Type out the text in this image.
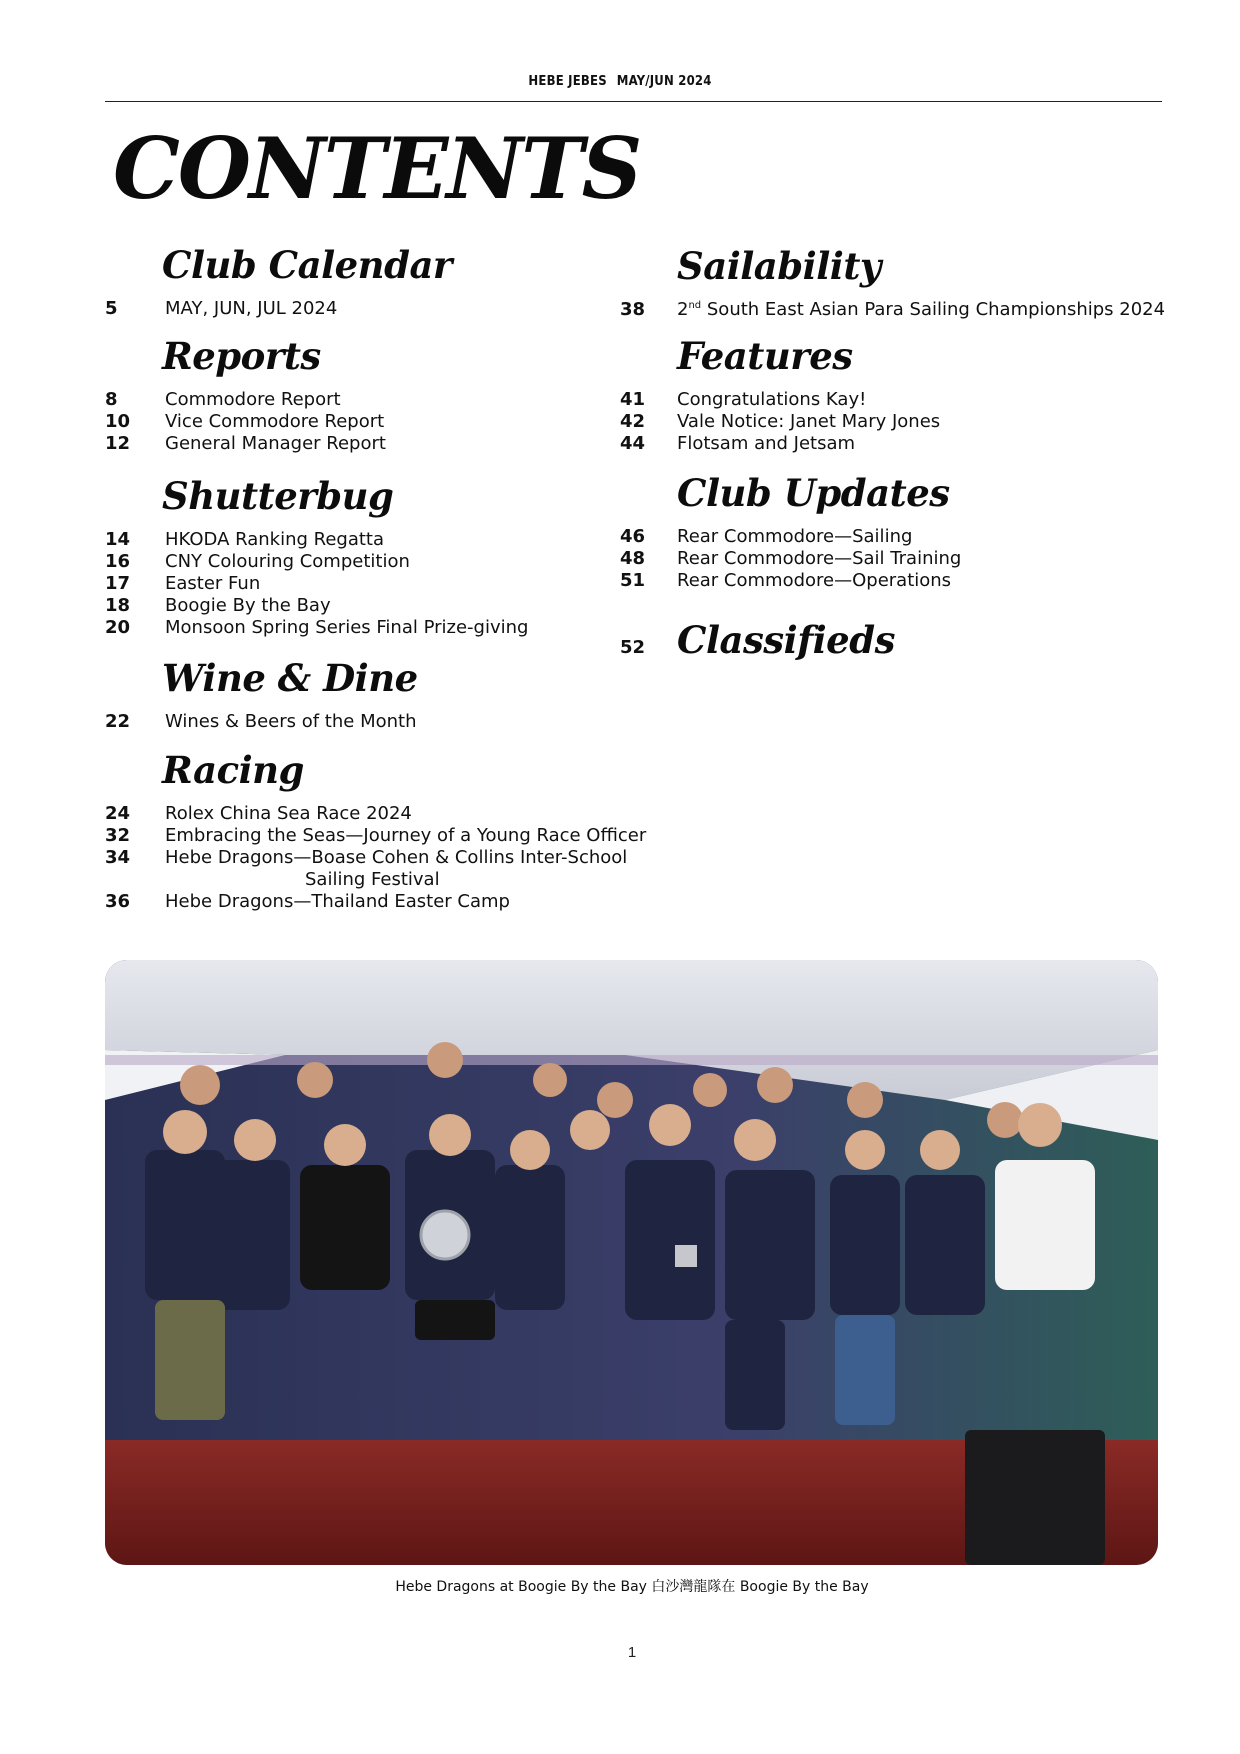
HEBE JEBES MAY/JUN 2024
CONTENTS
Club Calendar
5	MAY, JUN, JUL 2024
Reports
8	Commodore Report
10	Vice Commodore Report
12	General Manager Report
Shutterbug
14	HKODA Ranking Regatta
16	CNY Colouring Competition
17	Easter Fun
18	Boogie By the Bay
20	Monsoon Spring Series Final Prize-giving
Wine & Dine
22	Wines & Beers of the Month
Racing
24	Rolex China Sea Race 2024
32	Embracing the Seas—Journey of a Young Race Officer
34	Hebe Dragons—Boase Cohen & Collins Inter-School
Sailing Festival
36	Hebe Dragons—Thailand Easter Camp
Sailability
38	2nd South East Asian Para Sailing Championships 2024
Features
41	Congratulations Kay!
42	Vale Notice: Janet Mary Jones
44	Flotsam and Jetsam
Club Updates
46	Rear Commodore—Sailing
48	Rear Commodore—Sail Training
51	Rear Commodore—Operations
52 Classifieds
Hebe Dragons at Boogie By the Bay 白沙灣龍隊在 Boogie By the Bay
1
